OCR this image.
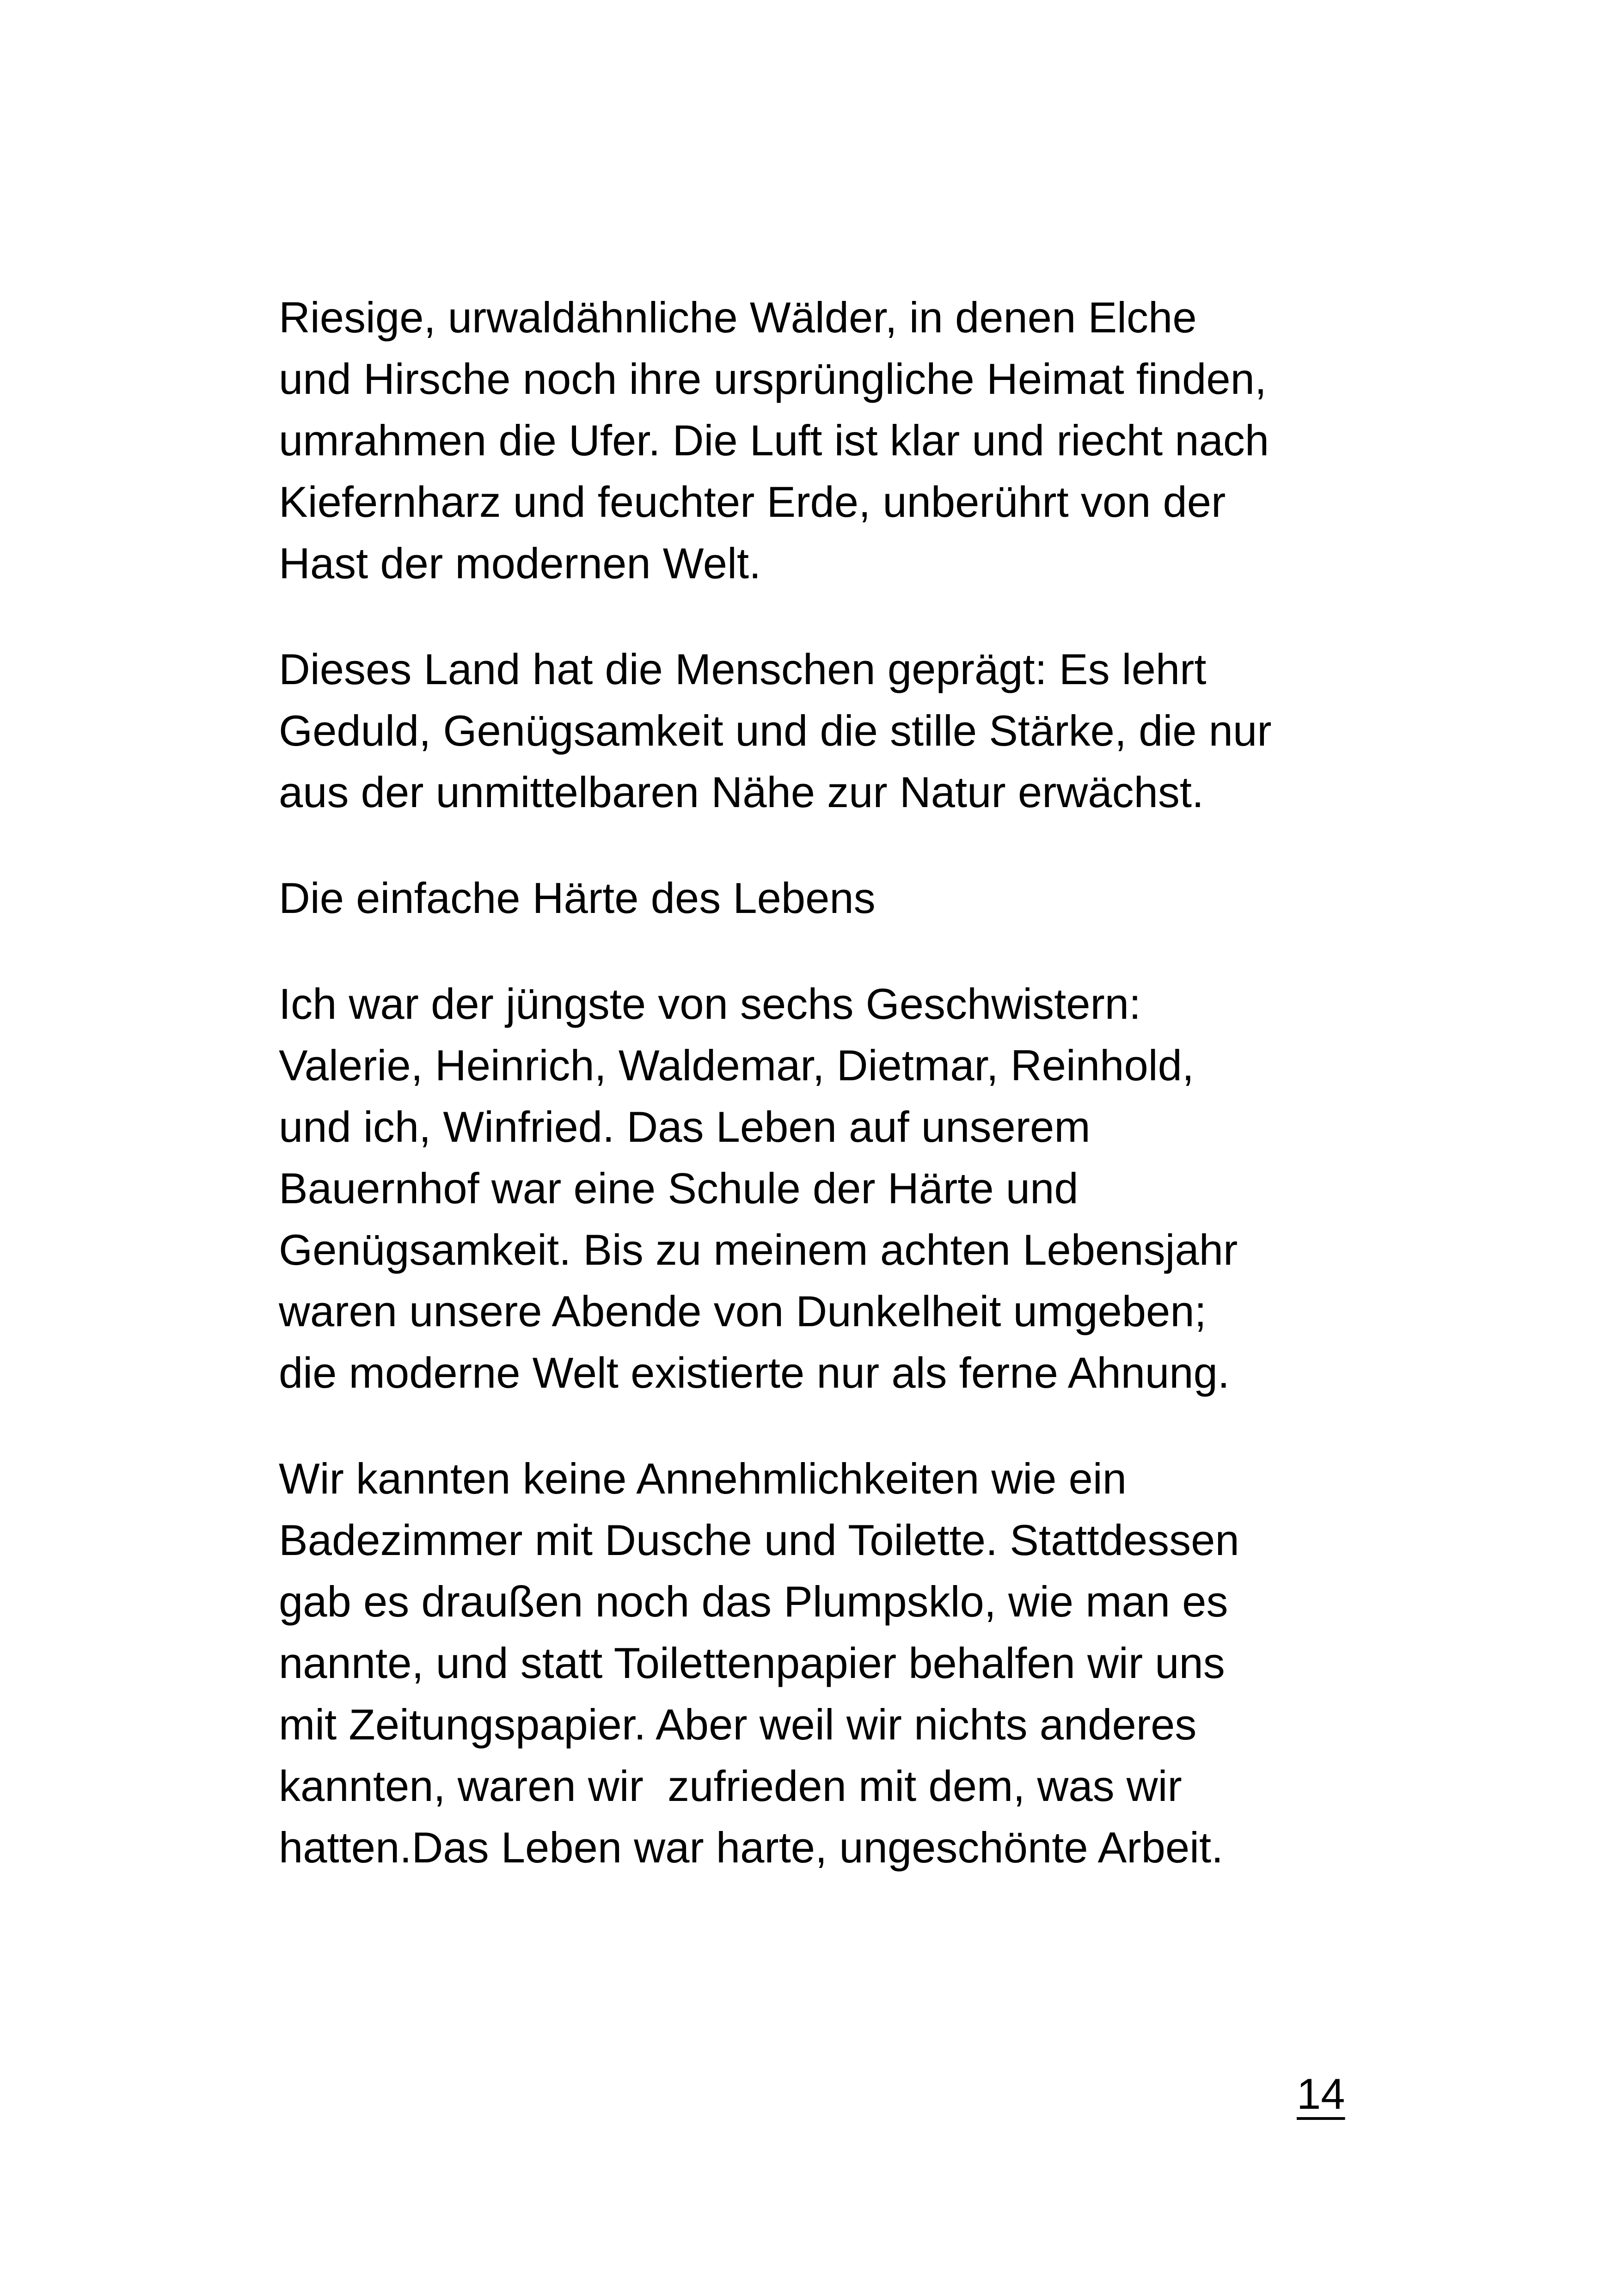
Riesige, urwaldähnliche Wälder, in denen Elche
und Hirsche noch ihre ursprüngliche Heimat finden,
umrahmen die Ufer. Die Luft ist klar und riecht nach
Kiefernharz und feuchter Erde, unberührt von der
Hast der modernen Welt.
Dieses Land hat die Menschen geprägt: Es lehrt
Geduld, Genügsamkeit und die stille Stärke, die nur
aus der unmittelbaren Nähe zur Natur erwächst.
Die einfache Härte des Lebens
Ich war der jüngste von sechs Geschwistern:
Valerie, Heinrich, Waldemar, Dietmar, Reinhold,
und ich, Winfried. Das Leben auf unserem
Bauernhof war eine Schule der Härte und
Genügsamkeit. Bis zu meinem achten Lebensjahr
waren unsere Abende von Dunkelheit umgeben;
die moderne Welt existierte nur als ferne Ahnung.
Wir kannten keine Annehmlichkeiten wie ein
Badezimmer mit Dusche und Toilette. Stattdessen
gab es draußen noch das Plumpsklo, wie man es
nannte, und statt Toilettenpapier behalfen wir uns
mit Zeitungspapier. Aber weil wir nichts anderes
kannten, waren wir  zufrieden mit dem, was wir
hatten.Das Leben war harte, ungeschönte Arbeit.
14
